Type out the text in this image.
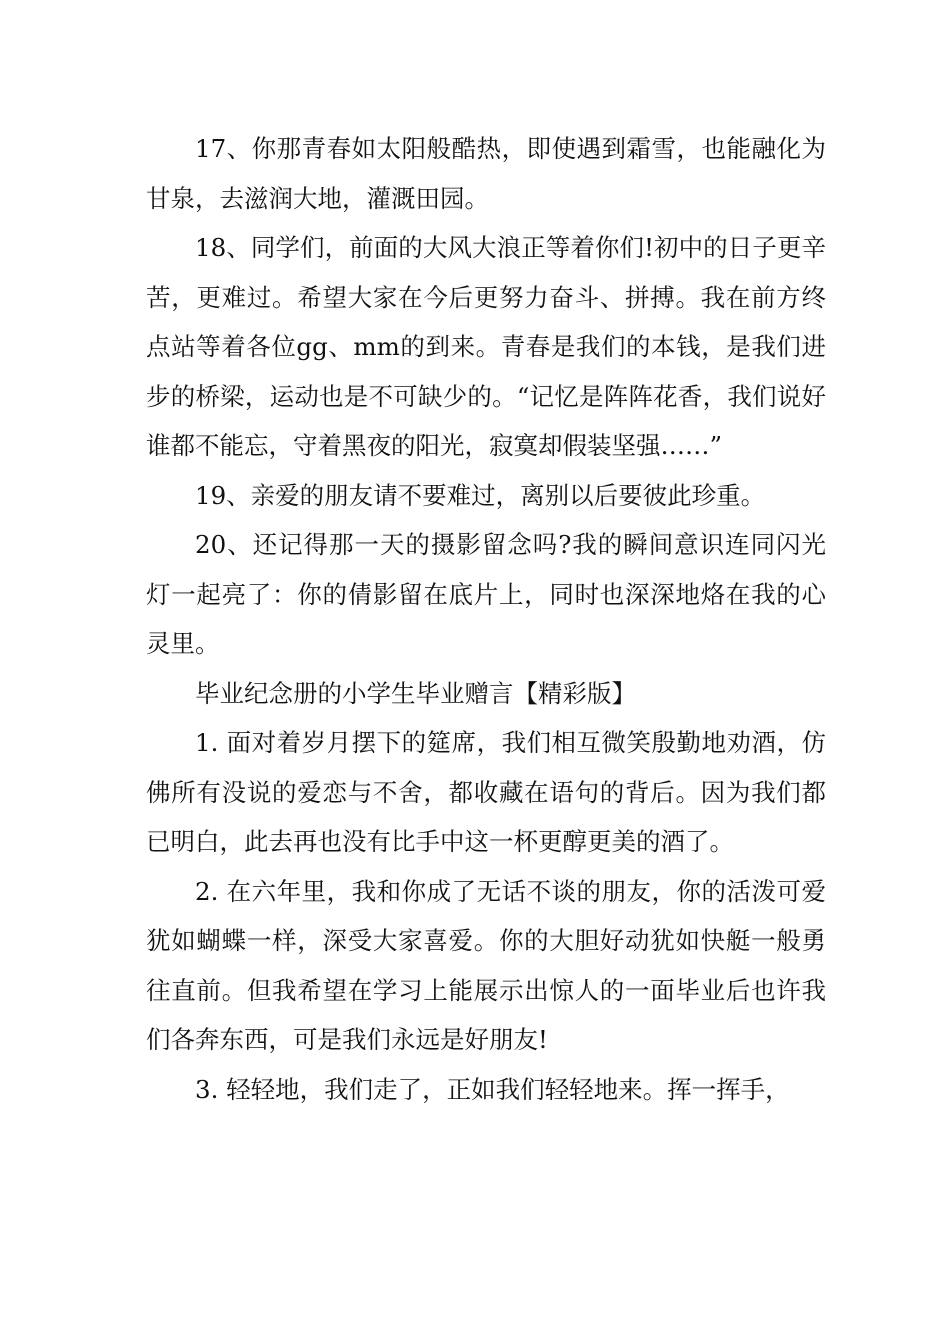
17、你那青春如太阳般酷热，即使遇到霜雪，也能融化为甘泉，去滋润大地，灌溉田园。

18、同学们，前面的大风大浪正等着你们!初中的日子更辛苦，更难过。希望大家在今后更努力奋斗、拼搏。我在前方终点站等着各位gg、mm的到来。青春是我们的本钱，是我们进步的桥梁，运动也是不可缺少的。“记忆是阵阵花香，我们说好谁都不能忘，守着黑夜的阳光，寂寞却假装坚强……”

19、亲爱的朋友请不要难过，离别以后要彼此珍重。

20、还记得那一天的摄影留念吗?我的瞬间意识连同闪光灯一起亮了：你的倩影留在底片上，同时也深深地烙在我的心灵里。

毕业纪念册的小学生毕业赠言【精彩版】

1. 面对着岁月摆下的筵席，我们相互微笑殷勤地劝酒，仿佛所有没说的爱恋与不舍，都收藏在语句的背后。因为我们都已明白，此去再也没有比手中这一杯更醇更美的酒了。

2. 在六年里，我和你成了无话不谈的朋友，你的活泼可爱犹如蝴蝶一样，深受大家喜爱。你的大胆好动犹如快艇一般勇往直前。但我希望在学习上能展示出惊人的一面毕业后也许我们各奔东西，可是我们永远是好朋友!

3. 轻轻地，我们走了，正如我们轻轻地来。挥一挥手，
